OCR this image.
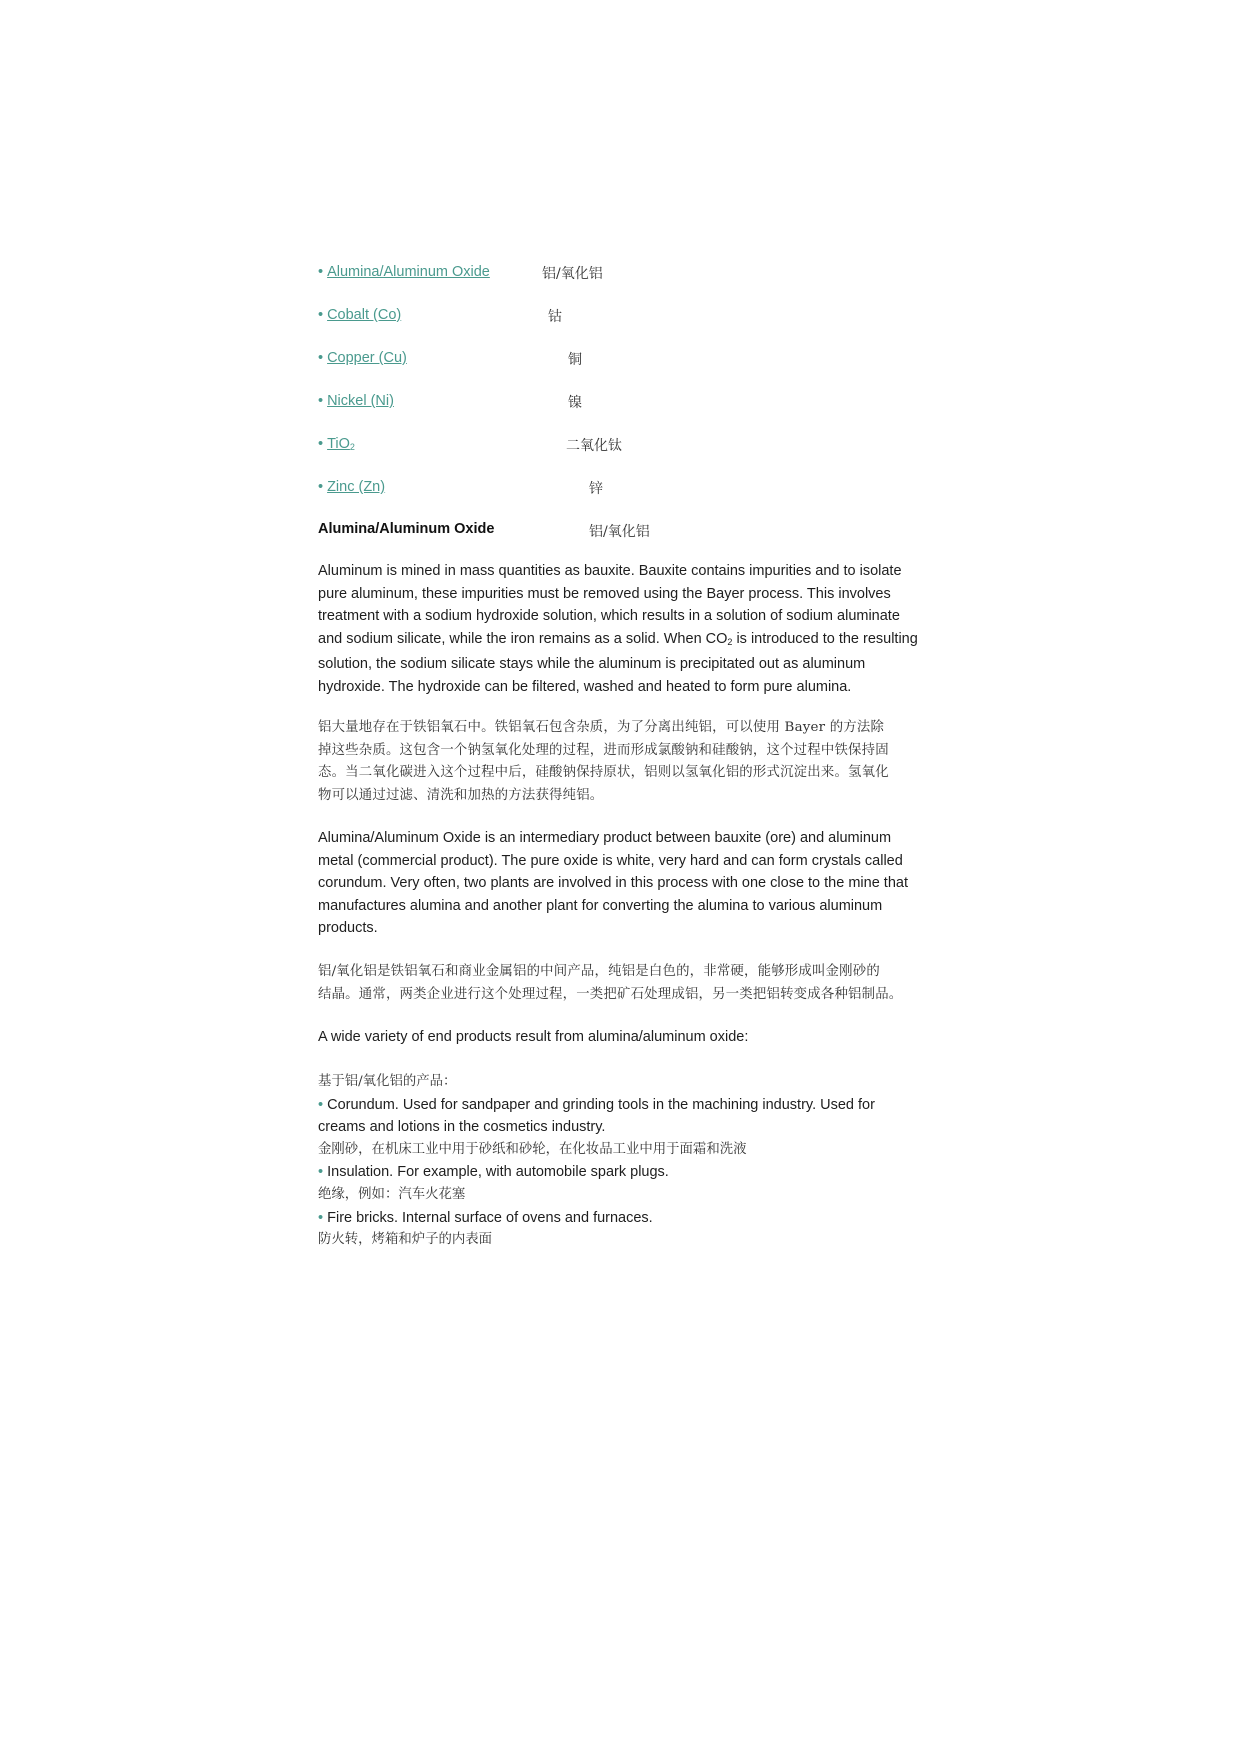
• Alumina/Aluminum Oxide	铝/氧化铝
• Cobalt (Co)	钴
• Copper (Cu)	铜
• Nickel (Ni)	镍
• TiO$_2$	二氧化钛
• Zinc (Zn)	锌
Alumina/Aluminum Oxide	铝/氧化铝
Aluminum is mined in mass quantities as bauxite. Bauxite contains impurities and to isolate
pure aluminum, these impurities must be removed using the Bayer process. This involves
treatment with a sodium hydroxide solution, which results in a solution of sodium aluminate
and sodium silicate, while the iron remains as a solid. When $CO_2$ is introduced to the resulting
solution, the sodium silicate stays while the aluminum is precipitated out as aluminum
hydroxide. The hydroxide can be filtered, washed and heated to form pure alumina.
铝大量地存在于铁铝氧石中。铁铝氧石包含杂质，为了分离出纯铝，可以使用 Bayer 的方法除
掉这些杂质。这包含一个钠氢氧化处理的过程，进而形成氯酸钠和硅酸钠，这个过程中铁保持固
态。当二氧化碳进入这个过程中后，硅酸钠保持原状，铝则以氢氧化铝的形式沉淀出来。氢氧化
物可以通过过滤、清洗和加热的方法获得纯铝。
Alumina/Aluminum Oxide is an intermediary product between bauxite (ore) and aluminum
metal (commercial product). The pure oxide is white, very hard and can form crystals called
corundum. Very often, two plants are involved in this process with one close to the mine that
manufactures alumina and another plant for converting the alumina to various aluminum
products.
铝/氧化铝是铁铝氧石和商业金属铝的中间产品，纯铝是白色的，非常硬，能够形成叫金刚砂的
结晶。通常，两类企业进行这个处理过程，一类把矿石处理成铝，另一类把铝转变成各种铝制品。
A wide variety of end products result from alumina/aluminum oxide:
基于铝/氧化铝的产品：
• Corundum. Used for sandpaper and grinding tools in the machining industry. Used for
creams and lotions in the cosmetics industry.
金刚砂，在机床工业中用于砂纸和砂轮，在化妆品工业中用于面霜和洗液
• Insulation. For example, with automobile spark plugs.
绝缘，例如：汽车火花塞
• Fire bricks. Internal surface of ovens and furnaces.
防火转，烤箱和炉子的内表面
